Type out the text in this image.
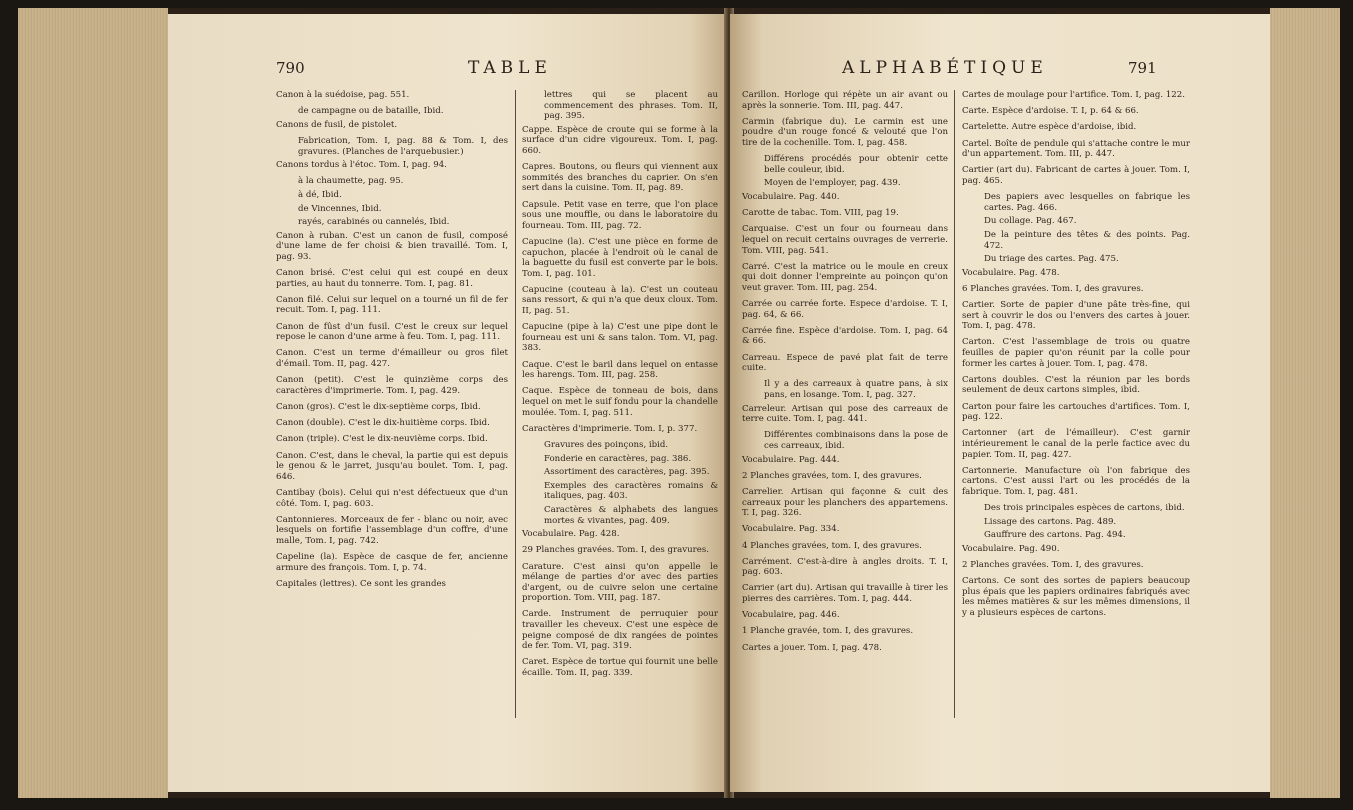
790	TABLE

Canon à la suédoise, pag. 551.

de campagne ou de bataille, Ibid.

Canons de fusil, de pistolet.

Fabrication, Tom. I, pag. 88 & Tom. I, des gravures. (Planches de l'arquebusier.)

Canons tordus à l'étoc. Tom. I, pag. 94.

à la chaumette, pag. 95.

à dé, Ibid.

de Vincennes, Ibid.

rayés, carabinés ou cannelés, Ibid.

Canon à ruban. C'est un canon de fusil, composé d'une lame de fer choisi & bien travaillé. Tom. I, pag. 93.

Canon brisé. C'est celui qui est coupé en deux parties, au haut du tonnerre. Tom. I, pag. 81.

Canon filé. Celui sur lequel on a tourné un fil de fer recuit. Tom. I, pag. 111.

Canon de fûst d'un fusil. C'est le creux sur lequel repose le canon d'une arme à feu. Tom. I, pag. 111.

Canon. C'est un terme d'émailleur ou gros filet d'émail. Tom. II, pag. 427.

Canon (petit). C'est le quinzième corps des caractères d'imprimerie. Tom. I, pag. 429.

Canon (gros). C'est le dix-septième corps, Ibid.

Canon (double). C'est le dix-huitième corps. Ibid.

Canon (triple). C'est le dix-neuvième corps. Ibid.

Canon. C'est, dans le cheval, la partie qui est depuis le genou & le jarret, jusqu'au boulet. Tom. I, pag. 646.

Cantibay (bois). Celui qui n'est défectueux que d'un côté. Tom. I, pag. 603.

Cantonnieres. Morceaux de fer - blanc ou noir, avec lesquels on fortifie l'assemblage d'un coffre, d'une malle, Tom. I, pag. 742.

Capeline (la). Espèce de casque de fer, ancienne armure des françois. Tom. I, p. 74.

Capitales (lettres). Ce sont les grandes

lettres qui se placent au commencement des phrases. Tom. II, pag. 395.

Cappe. Espèce de croute qui se forme à la surface d'un cidre vigoureux. Tom. I, pag. 660.

Capres. Boutons, ou fleurs qui viennent aux sommités des branches du caprier. On s'en sert dans la cuisine. Tom. II, pag. 89.

Capsule. Petit vase en terre, que l'on place sous une mouffle, ou dans le laboratoire du fourneau. Tom. III, pag. 72.

Capucine (la). C'est une pièce en forme de capuchon, placée à l'endroit où le canal de la baguette du fusil est converte par le bois. Tom. I, pag. 101.

Capucine (couteau à la). C'est un couteau sans ressort, & qui n'a que deux cloux. Tom. II, pag. 51.

Capucine (pipe à la) C'est une pipe dont le fourneau est uni & sans talon. Tom. VI, pag. 383.

Caque. C'est le baril dans lequel on entasse les harengs. Tom. III, pag. 258.

Caque. Espèce de tonneau de bois, dans lequel on met le suif fondu pour la chandelle moulée. Tom. I, pag. 511.

Caractères d'imprimerie. Tom. I, p. 377.

Gravures des poinçons, ibid.

Fonderie en caractères, pag. 386.

Assortiment des caractères, pag. 395.

Exemples des caractères romains & italiques, pag. 403.

Caractères & alphabets des langues mortes & vivantes, pag. 409.

Vocabulaire. Pag. 428.

29 Planches gravées. Tom. I, des gravures.

Carature. C'est ainsi qu'on appelle le mélange de parties d'or avec des parties d'argent, ou de cuivre selon une certaine proportion. Tom. VIII, pag. 187.

Carde. Instrument de perruquier pour travailler les cheveux. C'est une espèce de peigne composé de dix rangées de pointes de fer. Tom. VI, pag. 319.

Caret. Espèce de tortue qui fournit une belle écaille. Tom. II, pag. 339.

ALPHABÉTIQUE	791

Carillon. Horloge qui répète un air avant ou après la sonnerie. Tom. III, pag. 447.

Carmin (fabrique du). Le carmin est une poudre d'un rouge foncé & velouté que l'on tire de la cochenille. Tom. I, pag. 458.

Différens procédés pour obtenir cette belle couleur, ibid.

Moyen de l'employer, pag. 439.

Vocabulaire. Pag. 440.

Carotte de tabac. Tom. VIII, pag 19.

Carquaise. C'est un four ou fourneau dans lequel on recuit certains ouvrages de verrerie. Tom. VIII, pag. 541.

Carré. C'est la matrice ou le moule en creux qui doit donner l'empreinte au poinçon qu'on veut graver. Tom. III, pag. 254.

Carrée ou carrée forte. Espece d'ardoise. T. I, pag. 64, & 66.

Carrée fine. Espèce d'ardoise. Tom. I, pag. 64 & 66.

Carreau. Espece de pavé plat fait de terre cuite.

Il y a des carreaux à quatre pans, à six pans, en losange. Tom. I, pag. 327.

Carreleur. Artisan qui pose des carreaux de terre cuite. Tom. I, pag. 441.

Différentes combinaisons dans la pose de ces carreaux, ibid.

Vocabulaire. Pag. 444.

2 Planches gravées, tom. I, des gravures.

Carrelier. Artisan qui façonne & cuit des carreaux pour les planchers des appartemens. T. I, pag. 326.

Vocabulaire. Pag. 334.

4 Planches gravées, tom. I, des gravures.

Carrément. C'est-à-dire à angles droits. T. I, pag. 603.

Carrier (art du). Artisan qui travaille à tirer les pierres des carrières. Tom. I, pag. 444.

Vocabulaire, pag. 446.

1 Planche gravée, tom. I, des gravures.

Cartes a jouer. Tom. I, pag. 478.

Cartes de moulage pour l'artifice. Tom. I, pag. 122.

Carte. Espèce d'ardoise. T. I, p. 64 & 66.

Cartelette. Autre espèce d'ardoise, ibid.

Cartel. Boîte de pendule qui s'attache contre le mur d'un appartement. Tom. III, p. 447.

Cartier (art du). Fabricant de cartes à jouer. Tom. I, pag. 465.

Des papiers avec lesquelles on fabrique les cartes. Pag. 466.

Du collage. Pag. 467.

De la peinture des têtes & des points. Pag. 472.

Du triage des cartes. Pag. 475.

Vocabulaire. Pag. 478.

6 Planches gravées. Tom. I, des gravures.

Cartier. Sorte de papier d'une pâte très-fine, qui sert à couvrir le dos ou l'envers des cartes à jouer. Tom. I, pag. 478.

Carton. C'est l'assemblage de trois ou quatre feuilles de papier qu'on réunit par la colle pour former les cartes à jouer. Tom. I, pag. 478.

Cartons doubles. C'est la réunion par les bords seulement de deux cartons simples, ibid.

Carton pour faire les cartouches d'artifices. Tom. I, pag. 122.

Cartonner (art de l'émailleur). C'est garnir intérieurement le canal de la perle factice avec du papier. Tom. II, pag. 427.

Cartonnerie. Manufacture où l'on fabrique des cartons. C'est aussi l'art ou les procédés de la fabrique. Tom. I, pag. 481.

Des trois principales espèces de cartons, ibid.

Lissage des cartons. Pag. 489.

Gauffrure des cartons. Pag. 494.

Vocabulaire. Pag. 490.

2 Planches gravées. Tom. I, des gravures.

Cartons. Ce sont des sortes de papiers beaucoup plus épais que les papiers ordinaires fabriqués avec les mêmes matières & sur les mêmes dimensions, il y a plusieurs espèces de cartons.
